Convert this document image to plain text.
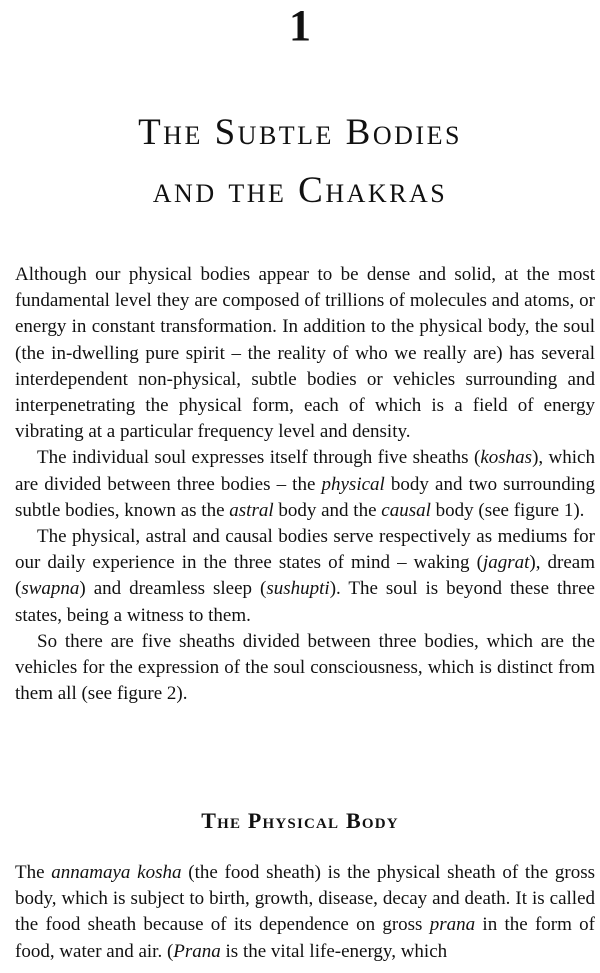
1
The Subtle Bodies
and the Chakras

Although our physical bodies appear to be dense and solid, at the most fundamental level they are composed of trillions of molecules and atoms, or energy in constant transformation. In addition to the physical body, the soul (the in-dwelling pure spirit – the reality of who we really are) has several interdependent non-physical, subtle bodies or vehicles surrounding and interpenetrating the physical form, each of which is a field of energy vibrating at a particular frequency level and density.

The individual soul expresses itself through five sheaths (koshas), which are divided between three bodies – the physical body and two surrounding subtle bodies, known as the astral body and the causal body (see figure 1).

The physical, astral and causal bodies serve respectively as mediums for our daily experience in the three states of mind – waking (jagrat), dream (swapna) and dreamless sleep (sushupti). The soul is beyond these three states, being a witness to them.

So there are five sheaths divided between three bodies, which are the vehicles for the expression of the soul consciousness, which is distinct from them all (see figure 2).

The Physical Body

The annamaya kosha (the food sheath) is the physical sheath of the gross body, which is subject to birth, growth, disease, decay and death. It is called the food sheath because of its dependence on gross prana in the form of food, water and air. (Prana is the vital life-energy, which
